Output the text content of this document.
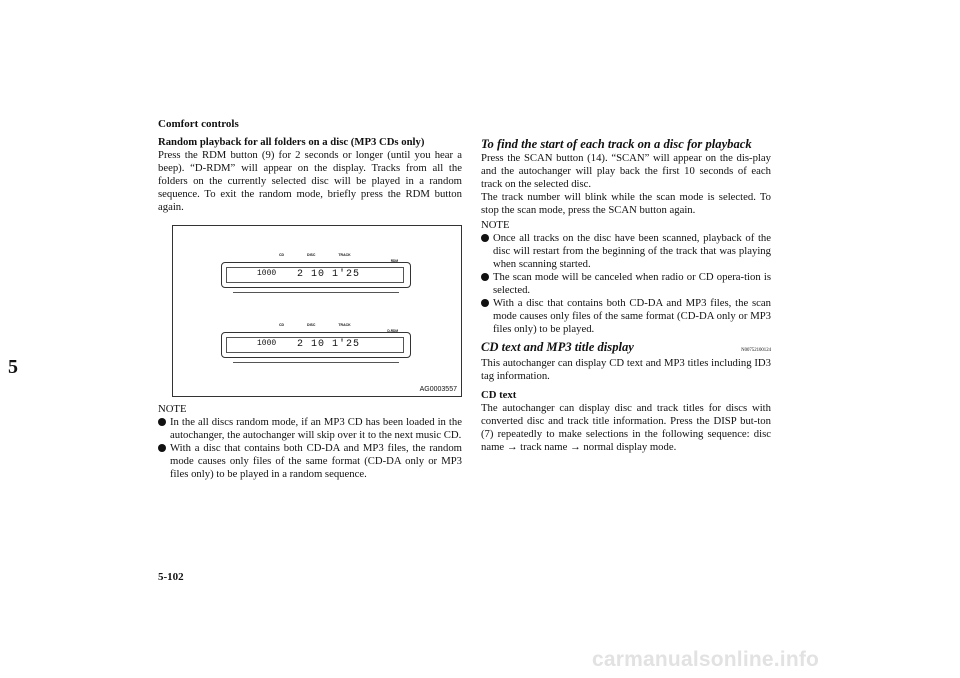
Comfort controls
5
5-102

Random playback for all folders on a disc (MP3 CDs only)

Press the RDM button (9) for 2 seconds or longer (until you hear a beep). “D-RDM” will appear on the display. Tracks from all the folders on the currently selected disc will be played in a random sequence. To exit the random mode, briefly press the RDM button again.

CD	DISC	TRACK
RDM
1000 2 10 1'25
CD	DISC	TRACK
D-RDM
1000 2 10 1'25
AG0003557

NOTE

In the all discs random mode, if an MP3 CD has been loaded in the autochanger, the autochanger will skip over it to the next music CD.
With a disc that contains both CD-DA and MP3 files, the random mode causes only files of the same format (CD-DA only or MP3 files only) to be played in a random sequence.

To find the start of each track on a disc for playback

Press the SCAN button (14). “SCAN” will appear on the dis-play and the autochanger will play back the first 10 seconds of each track on the selected disc.

The track number will blink while the scan mode is selected. To stop the scan mode, press the SCAN button again.

NOTE

Once all tracks on the disc have been scanned, playback of the disc will restart from the beginning of the track that was playing when scanning started.
The scan mode will be canceled when radio or CD opera-tion is selected.
With a disc that contains both CD-DA and MP3 files, the scan mode causes only files of the same format (CD-DA only or MP3 files only) to be played.
CD text and MP3 title display	N00752100124

This autochanger can display CD text and MP3 titles including ID3 tag information.

CD text

The autochanger can display disc and track titles for discs with converted disc and track title information. Press the DISP but-ton (7) repeatedly to make selections in the following sequence: disc name → track name → normal display mode.

carmanualsonline.info
